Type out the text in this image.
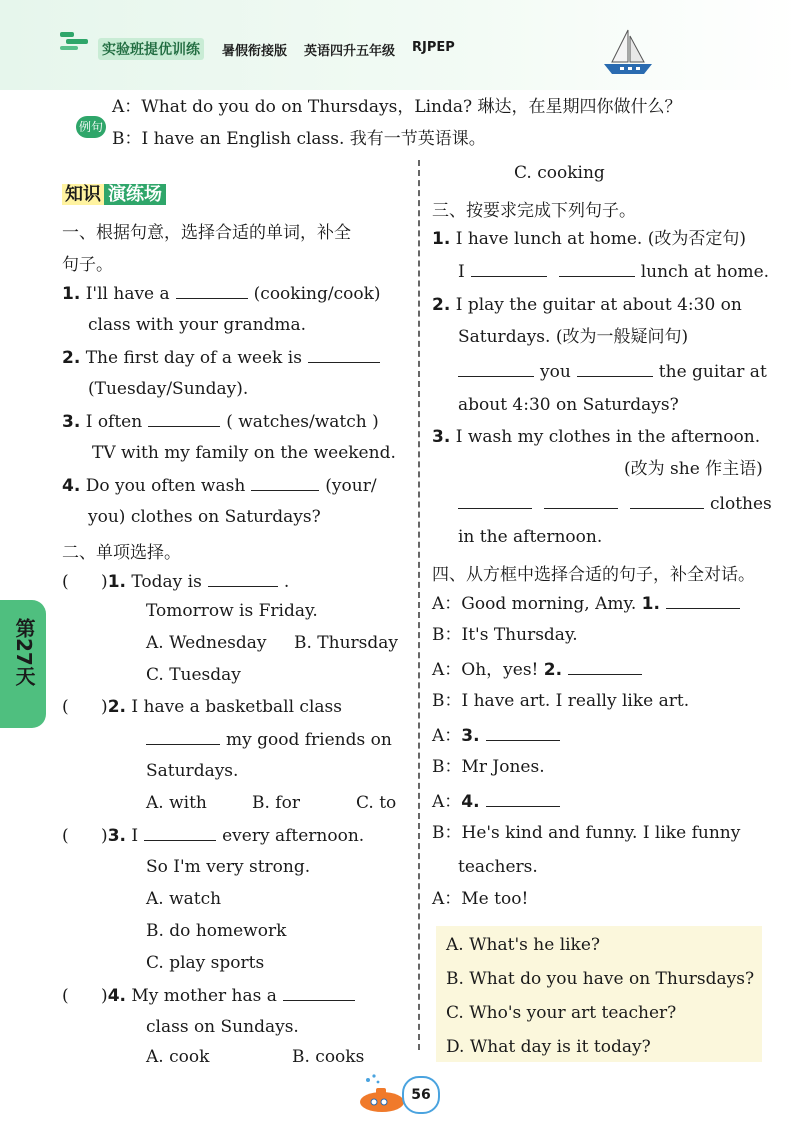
实验班提优训练	暑假衔接版 英语四升五年级 RJPEP
例句
A：What do you do on Thursdays，Linda? 琳达，在星期四你做什么？
B：I have an English class. 我有一节英语课。
知识 演练场
第27天
一、根据句意，选择合适的单词，补全
句子。
1. I'll have a	(cooking/cook)
class with your grandma.
2. The first day of a week is
(Tuesday/Sunday).
3. I often	( watches/watch )
TV with my family on the weekend.
4. Do you often wash	(your/
you) clothes on Saturdays?
二、单项选择。
(      )1. Today is	.
Tomorrow is Friday.
A. Wednesday B. Thursday
C. Tuesday
(      )2. I have a basketball class
my good friends on
Saturdays.
A. with	B. for	C. to
(      )3. I	every afternoon.
So I'm very strong.
A. watch
B. do homework
C. play sports
(      )4. My mother has a
class on Sundays.
A. cook	B. cooks
C. cooking
三、按要求完成下列句子。
1. I have lunch at home. (改为否定句)
I	lunch at home.
2. I play the guitar at about 4:30 on
Saturdays. (改为一般疑问句)
you	the guitar at
about 4:30 on Saturdays?
3. I wash my clothes in the afternoon.
(改为 she 作主语)
clothes
in the afternoon.
四、从方框中选择合适的句子，补全对话。
A：Good morning, Amy. 1.
B：It's Thursday.
A：Oh，yes! 2.
B：I have art. I really like art.
A：3.
B：Mr Jones.
A：4.
B：He's kind and funny. I like funny
teachers.
A：Me too!
A. What's he like?
B. What do you have on Thursdays?
C. Who's your art teacher?
D. What day is it today?
56
